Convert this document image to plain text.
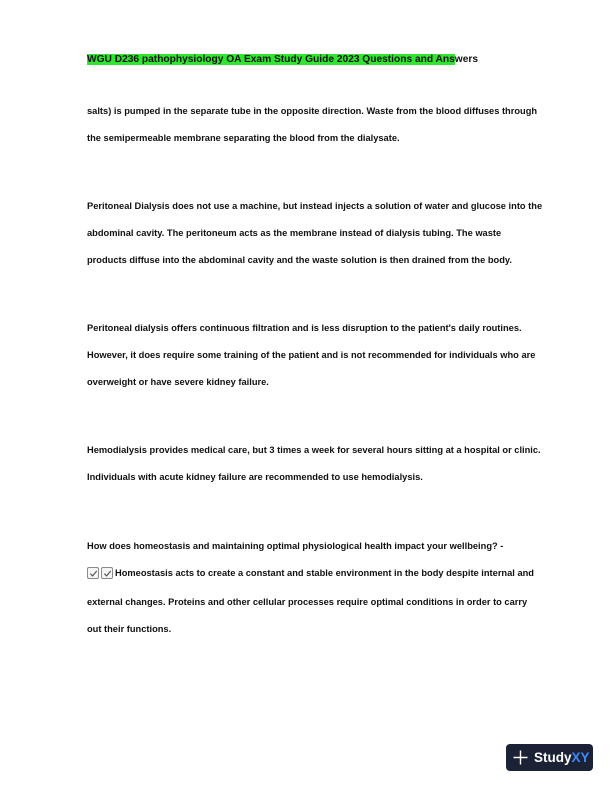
WGU D236 pathophysiology OA Exam Study Guide 2023 Questions and Answers
salts) is pumped in the separate tube in the opposite direction. Waste from the blood diffuses through
the semipermeable membrane separating the blood from the dialysate.
Peritoneal Dialysis does not use a machine, but instead injects a solution of water and glucose into the
abdominal cavity. The peritoneum acts as the membrane instead of dialysis tubing. The waste
products diffuse into the abdominal cavity and the waste solution is then drained from the body.
Peritoneal dialysis offers continuous filtration and is less disruption to the patient's daily routines.
However, it does require some training of the patient and is not recommended for individuals who are
overweight or have severe kidney failure.
Hemodialysis provides medical care, but 3 times a week for several hours sitting at a hospital or clinic.
Individuals with acute kidney failure are recommended to use hemodialysis.
How does homeostasis and maintaining optimal physiological health impact your wellbeing? -
Homeostasis acts to create a constant and stable environment in the body despite internal and
external changes. Proteins and other cellular processes require optimal conditions in order to carry
out their functions.
StudyXY
